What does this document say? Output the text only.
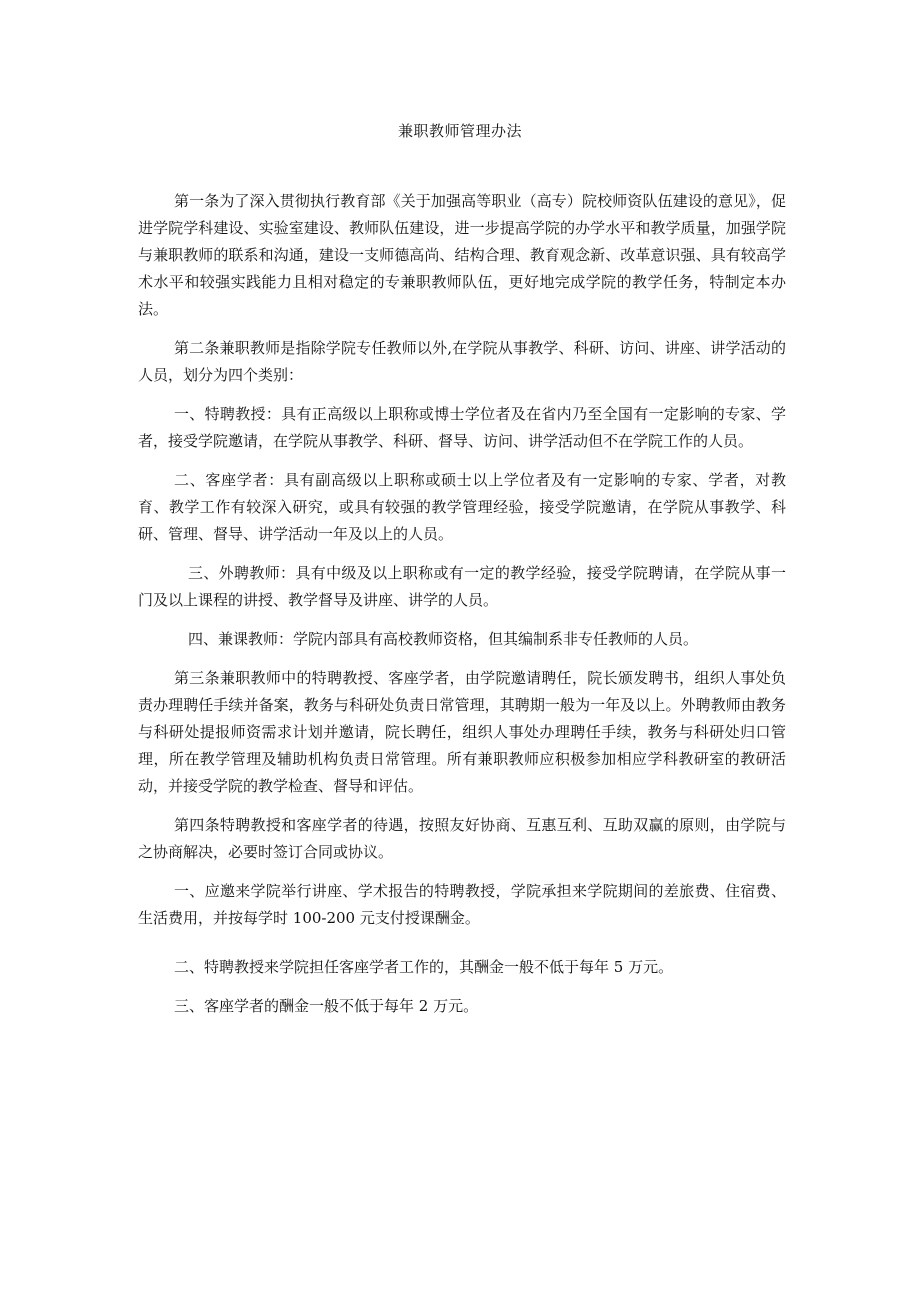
兼职教师管理办法

第一条为了深入贯彻执行教育部《关于加强高等职业（高专）院校师资队伍建设的意见》，促进学院学科建设、实验室建设、教师队伍建设，进一步提高学院的办学水平和教学质量，加强学院与兼职教师的联系和沟通，建设一支师德高尚、结构合理、教育观念新、改革意识强、具有较高学术水平和较强实践能力且相对稳定的专兼职教师队伍，更好地完成学院的教学任务，特制定本办法。

第二条兼职教师是指除学院专任教师以外,在学院从事教学、科研、访问、讲座、讲学活动的人员，划分为四个类别：

一、特聘教授：具有正高级以上职称或博士学位者及在省内乃至全国有一定影响的专家、学者，接受学院邀请，在学院从事教学、科研、督导、访问、讲学活动但不在学院工作的人员。

二、客座学者：具有副高级以上职称或硕士以上学位者及有一定影响的专家、学者，对教育、教学工作有较深入研究，或具有较强的教学管理经验，接受学院邀请，在学院从事教学、科研、管理、督导、讲学活动一年及以上的人员。

三、外聘教师：具有中级及以上职称或有一定的教学经验，接受学院聘请，在学院从事一门及以上课程的讲授、教学督导及讲座、讲学的人员。

四、兼课教师：学院内部具有高校教师资格，但其编制系非专任教师的人员。

第三条兼职教师中的特聘教授、客座学者，由学院邀请聘任，院长颁发聘书，组织人事处负责办理聘任手续并备案，教务与科研处负责日常管理，其聘期一般为一年及以上。外聘教师由教务与科研处提报师资需求计划并邀请，院长聘任，组织人事处办理聘任手续，教务与科研处归口管理，所在教学管理及辅助机构负责日常管理。所有兼职教师应积极参加相应学科教研室的教研活动，并接受学院的教学检查、督导和评估。

第四条特聘教授和客座学者的待遇，按照友好协商、互惠互利、互助双赢的原则，由学院与之协商解决，必要时签订合同或协议。

一、应邀来学院举行讲座、学术报告的特聘教授，学院承担来学院期间的差旅费、住宿费、生活费用，并按每学时 100-200 元支付授课酬金。

二、特聘教授来学院担任客座学者工作的，其酬金一般不低于每年 5 万元。

三、客座学者的酬金一般不低于每年 2 万元。
